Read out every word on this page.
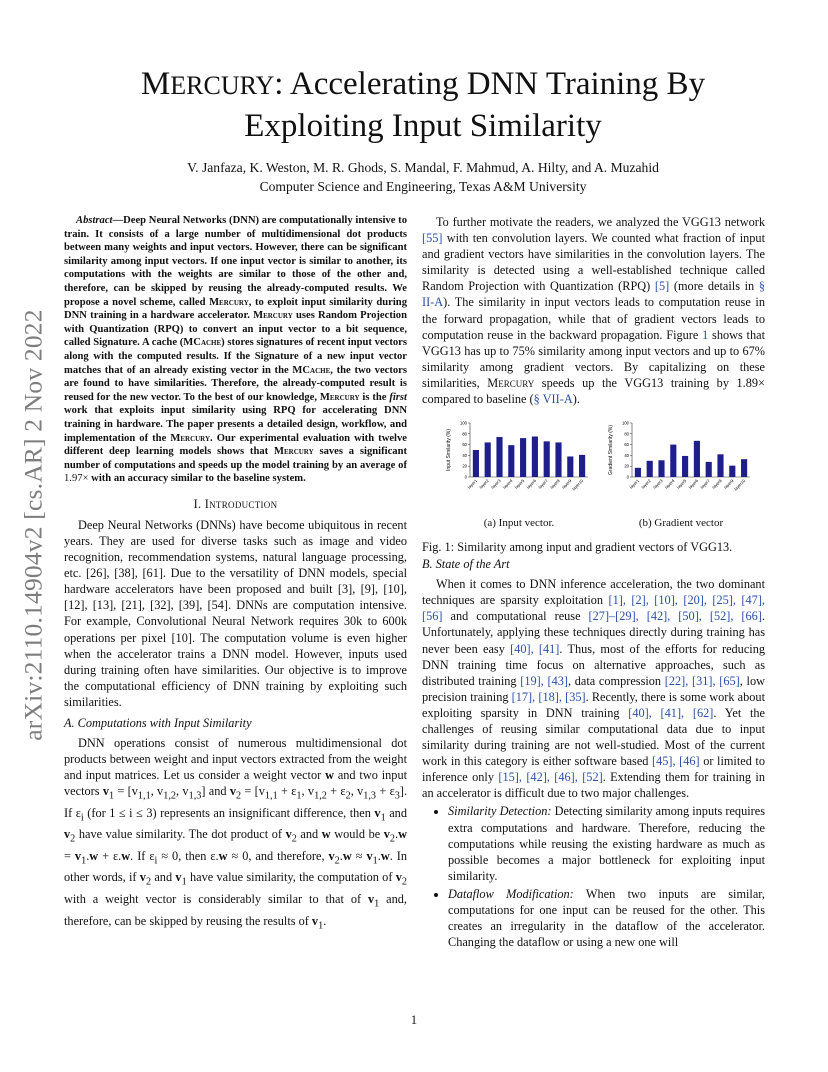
arXiv:2110.14904v2 [cs.AR] 2 Nov 2022
MERCURY: Accelerating DNN Training By
Exploiting Input Similarity
V. Janfaza, K. Weston, M. R. Ghods, S. Mandal, F. Mahmud, A. Hilty, and A. Muzahid
Computer Science and Engineering, Texas A&M University

Abstract—Deep Neural Networks (DNN) are computationally intensive to train. It consists of a large number of multidimensional dot products between many weights and input vectors. However, there can be significant similarity among input vectors. If one input vector is similar to another, its computations with the weights are similar to those of the other and, therefore, can be skipped by reusing the already-computed results. We propose a novel scheme, called Mercury, to exploit input similarity during DNN training in a hardware accelerator. Mercury uses Random Projection with Quantization (RPQ) to convert an input vector to a bit sequence, called Signature. A cache (MCache) stores signatures of recent input vectors along with the computed results. If the Signature of a new input vector matches that of an already existing vector in the MCache, the two vectors are found to have similarities. Therefore, the already-computed result is reused for the new vector. To the best of our knowledge, Mercury is the first work that exploits input similarity using RPQ for accelerating DNN training in hardware. The paper presents a detailed design, workflow, and implementation of the Mercury. Our experimental evaluation with twelve different deep learning models shows that Mercury saves a significant number of computations and speeds up the model training by an average of 1.97× with an accuracy similar to the baseline system.

I. Introduction

Deep Neural Networks (DNNs) have become ubiquitous in recent years. They are used for diverse tasks such as image and video recognition, recommendation systems, natural language processing, etc. [26], [38], [61]. Due to the versatility of DNN models, special hardware accelerators have been proposed and built [3], [9], [10], [12], [13], [21], [32], [39], [54]. DNNs are computation intensive. For example, Convolutional Neural Network requires 30k to 600k operations per pixel [10]. The computation volume is even higher when the accelerator trains a DNN model. However, inputs used during training often have similarities. Our objective is to improve the computational efficiency of DNN training by exploiting such similarities.

A. Computations with Input Similarity

DNN operations consist of numerous multidimensional dot products between weight and input vectors extracted from the weight and input matrices. Let us consider a weight vector w and two input vectors $v_1 = [v_{1,1}$, $v_{1,2}$, $v_{1,3}$] and $v_2 = [v_{1,1} + \varepsilon_1$, $v_{1,2} + \varepsilon_2$, $v_{1,3} + \varepsilon_3$]. If $\varepsilon_i$ (for 1 ≤ i ≤ 3) represents an insignificant difference, then $v_1$ and $v_2$ have value similarity. The dot product of $v_2$ and w would be $v_2.w = v_1.w + \varepsilon.w$. If $\varepsilon_i \approx 0$, then ε.w ≈ 0, and therefore, $v_2.w \approx v_1.w$. In other words, if $v_2$ and $v_1$ have value similarity, the computation of $v_2$ with a weight vector is considerably similar to that of $v_1$ and, therefore, can be skipped by reusing the results of $v_1$.

To further motivate the readers, we analyzed the VGG13 network [55] with ten convolution layers. We counted what fraction of input and gradient vectors have similarities in the convolution layers. The similarity is detected using a well-established technique called Random Projection with Quantization (RPQ) [5] (more details in § II-A). The similarity in input vectors leads to computation reuse in the forward propagation, while that of gradient vectors leads to computation reuse in the backward propagation. Figure 1 shows that VGG13 has up to 75% similarity among input vectors and up to 67% similarity among gradient vectors. By capitalizing on these similarities, Mercury speeds up the VGG13 training by 1.89× compared to baseline (§ VII-A).

Input Similarity (%)
0
20
40
60
80
100
layer1 layer2 layer3 layer4 layer5 layer6 layer7 layer8 layer9
layer10
(a) Input vector.
Gradient Similarity (%)
0
20
40
60
80
100
layer1 layer2 layer3 layer4 layer5 layer6 layer7 layer8 layer9
layer10
(b) Gradient vector
Fig. 1: Similarity among input and gradient vectors of VGG13.
B. State of the Art

When it comes to DNN inference acceleration, the two dominant techniques are sparsity exploitation [1], [2], [10], [20], [25], [47], [56] and computational reuse [27]–[29], [42], [50], [52], [66]. Unfortunately, applying these techniques directly during training has never been easy [40], [41]. Thus, most of the efforts for reducing DNN training time focus on alternative approaches, such as distributed training [19], [43], data compression [22], [31], [65], low precision training [17], [18], [35]. Recently, there is some work about exploiting sparsity in DNN training [40], [41], [62]. Yet the challenges of reusing similar computational data due to input similarity during training are not well-studied. Most of the current work in this category is either software based [45], [46] or limited to inference only [15], [42], [46], [52]. Extending them for training in an accelerator is difficult due to two major challenges.

• Similarity Detection: Detecting similarity among inputs requires extra computations and hardware. Therefore, reducing the computations while reusing the existing hardware as much as possible becomes a major bottleneck for exploiting input similarity.
• Dataflow Modification: When two inputs are similar, computations for one input can be reused for the other. This creates an irregularity in the dataflow of the accelerator. Changing the dataflow or using a new one will
1
